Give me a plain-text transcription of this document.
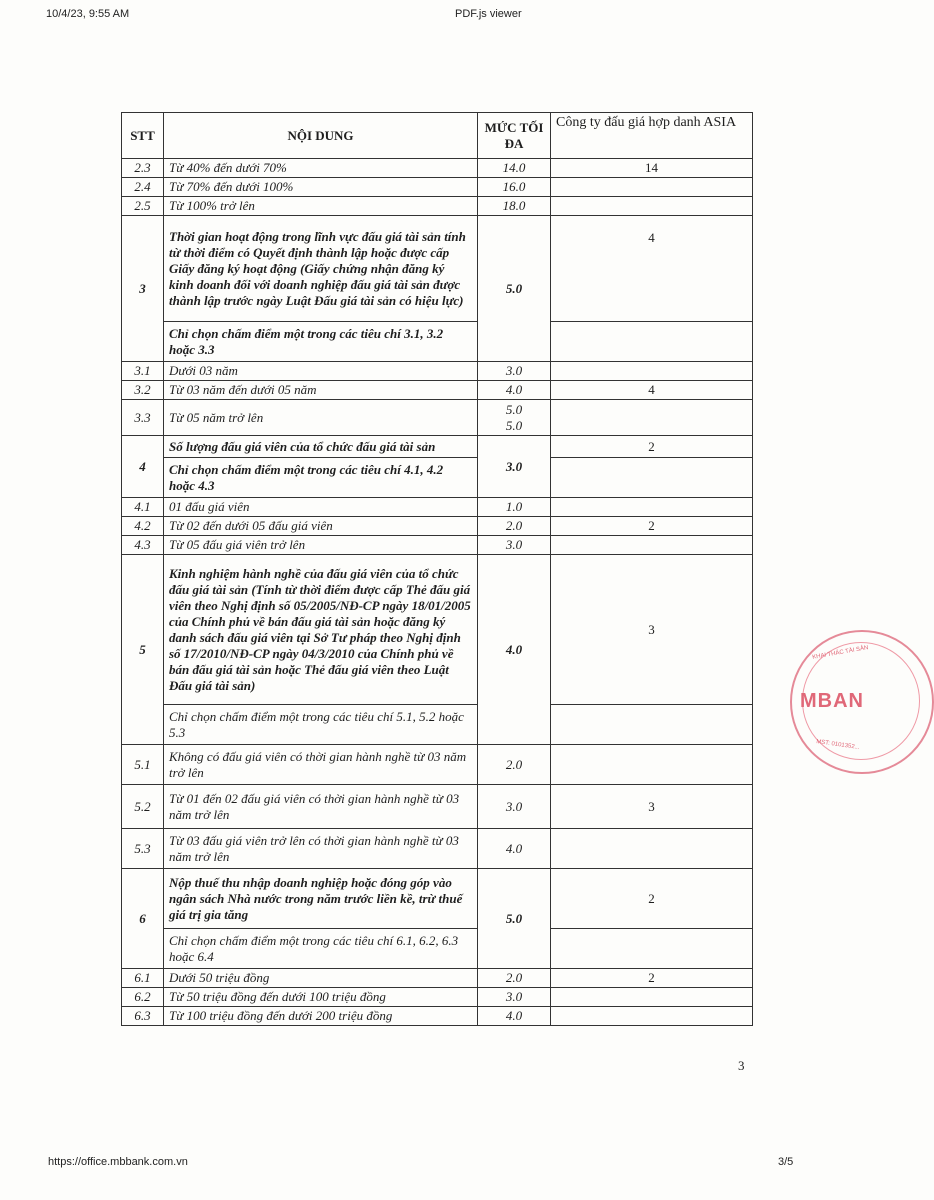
10/4/23, 9:55 AM	PDF.js viewer
STT	NỘI DUNG	MỨC TỐI ĐA	Công ty đấu giá hợp danh ASIA
2.3	Từ 40% đến dưới 70%	14.0	14
2.4	Từ 70% đến dưới 100%	16.0	
2.5	Từ 100% trở lên	18.0	
3	Thời gian hoạt động trong lĩnh vực đấu giá tài sản tính từ thời điểm có Quyết định thành lập hoặc được cấp Giấy đăng ký hoạt động (Giấy chứng nhận đăng ký kinh doanh đối với doanh nghiệp đấu giá tài sản được thành lập trước ngày Luật Đấu giá tài sản có hiệu lực)	5.0	4
	Chỉ chọn chấm điểm một trong các tiêu chí 3.1, 3.2 hoặc 3.3		
3.1	Dưới 03 năm	3.0	
3.2	Từ 03 năm đến dưới 05 năm	4.0	4
3.3	Từ 05 năm trở lên	5.0
5.0	
4	Số lượng đấu giá viên của tổ chức đấu giá tài sản	3.0	2
	Chỉ chọn chấm điểm một trong các tiêu chí 4.1, 4.2 hoặc 4.3		
4.1	01 đấu giá viên	1.0	
4.2	Từ 02 đến dưới 05 đấu giá viên	2.0	2
4.3	Từ 05 đấu giá viên trở lên	3.0	
5	Kinh nghiệm hành nghề của đấu giá viên của tổ chức đấu giá tài sản (Tính từ thời điểm được cấp Thẻ đấu giá viên theo Nghị định số 05/2005/NĐ-CP ngày 18/01/2005 của Chính phủ về bán đấu giá tài sản hoặc đăng ký danh sách đấu giá viên tại Sở Tư pháp theo Nghị định số 17/2010/NĐ-CP ngày 04/3/2010 của Chính phủ về bán đấu giá tài sản hoặc Thẻ đấu giá viên theo Luật Đấu giá tài sản)	4.0	3
	Chỉ chọn chấm điểm một trong các tiêu chí 5.1, 5.2 hoặc 5.3		
5.1	Không có đấu giá viên có thời gian hành nghề từ 03 năm trở lên	2.0	
5.2	Từ 01 đến 02 đấu giá viên có thời gian hành nghề từ 03 năm trở lên	3.0	3
5.3	Từ 03 đấu giá viên trở lên có thời gian hành nghề từ 03 năm trở lên	4.0	
6	Nộp thuế thu nhập doanh nghiệp hoặc đóng góp vào ngân sách Nhà nước trong năm trước liền kề, trừ thuế giá trị gia tăng	5.0	2
	Chỉ chọn chấm điểm một trong các tiêu chí 6.1, 6.2, 6.3 hoặc 6.4		
6.1	Dưới 50 triệu đồng	2.0	2
6.2	Từ 50 triệu đồng đến dưới 100 triệu đồng	3.0	
6.3	Từ 100 triệu đồng đến dưới 200 triệu đồng	4.0	
3
KHAI THÁC TÀI SẢN
MBAN
MST: 0101352...
https://office.mbbank.com.vn	3/5
